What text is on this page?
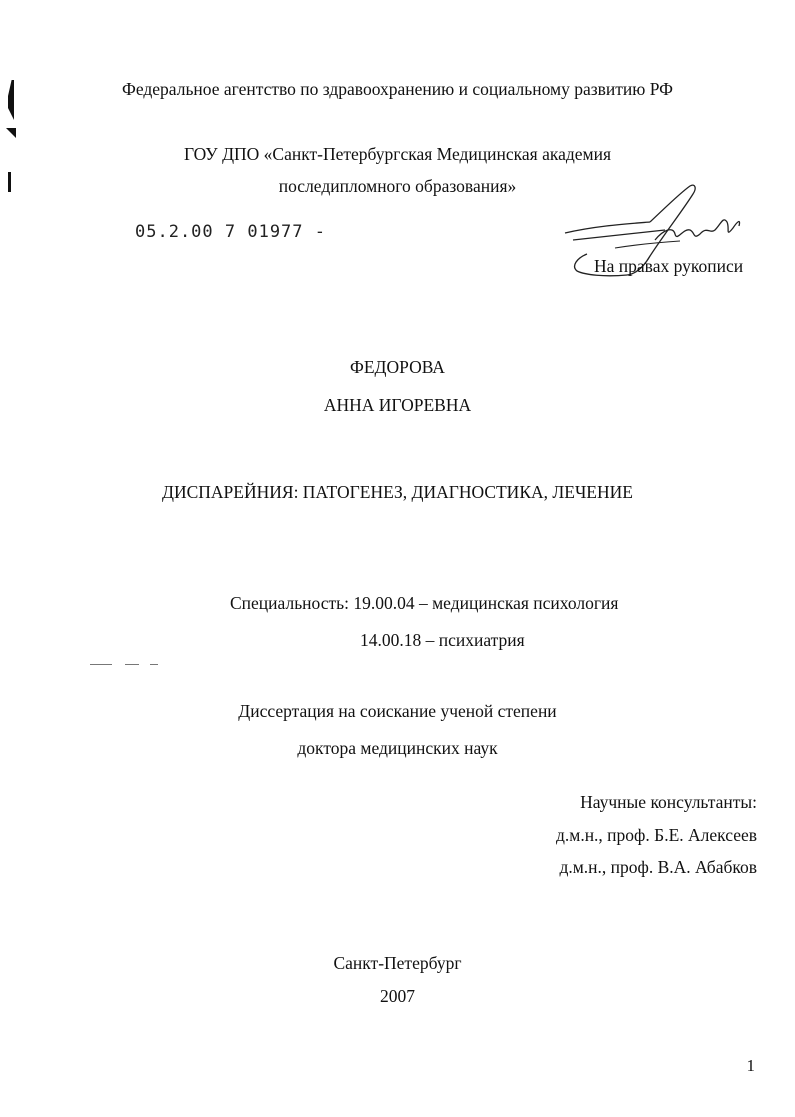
Федеральное агентство по здравоохранению и социальному развитию РФ
ГОУ ДПО «Санкт-Петербургская Медицинская академия
последипломного образования»
05.2.00 7 01977 -
На правах рукописи
ФЕДОРОВА
АННА ИГОРЕВНА
ДИСПАРЕЙНИЯ: ПАТОГЕНЕЗ, ДИАГНОСТИКА, ЛЕЧЕНИЕ
Специальность: 19.00.04 – медицинская психология
14.00.18 – психиатрия
Диссертация на соискание ученой степени
доктора медицинских наук
Научные консультанты:
д.м.н., проф. Б.Е. Алексеев
д.м.н., проф. В.А. Абабков
Санкт-Петербург
2007
1
